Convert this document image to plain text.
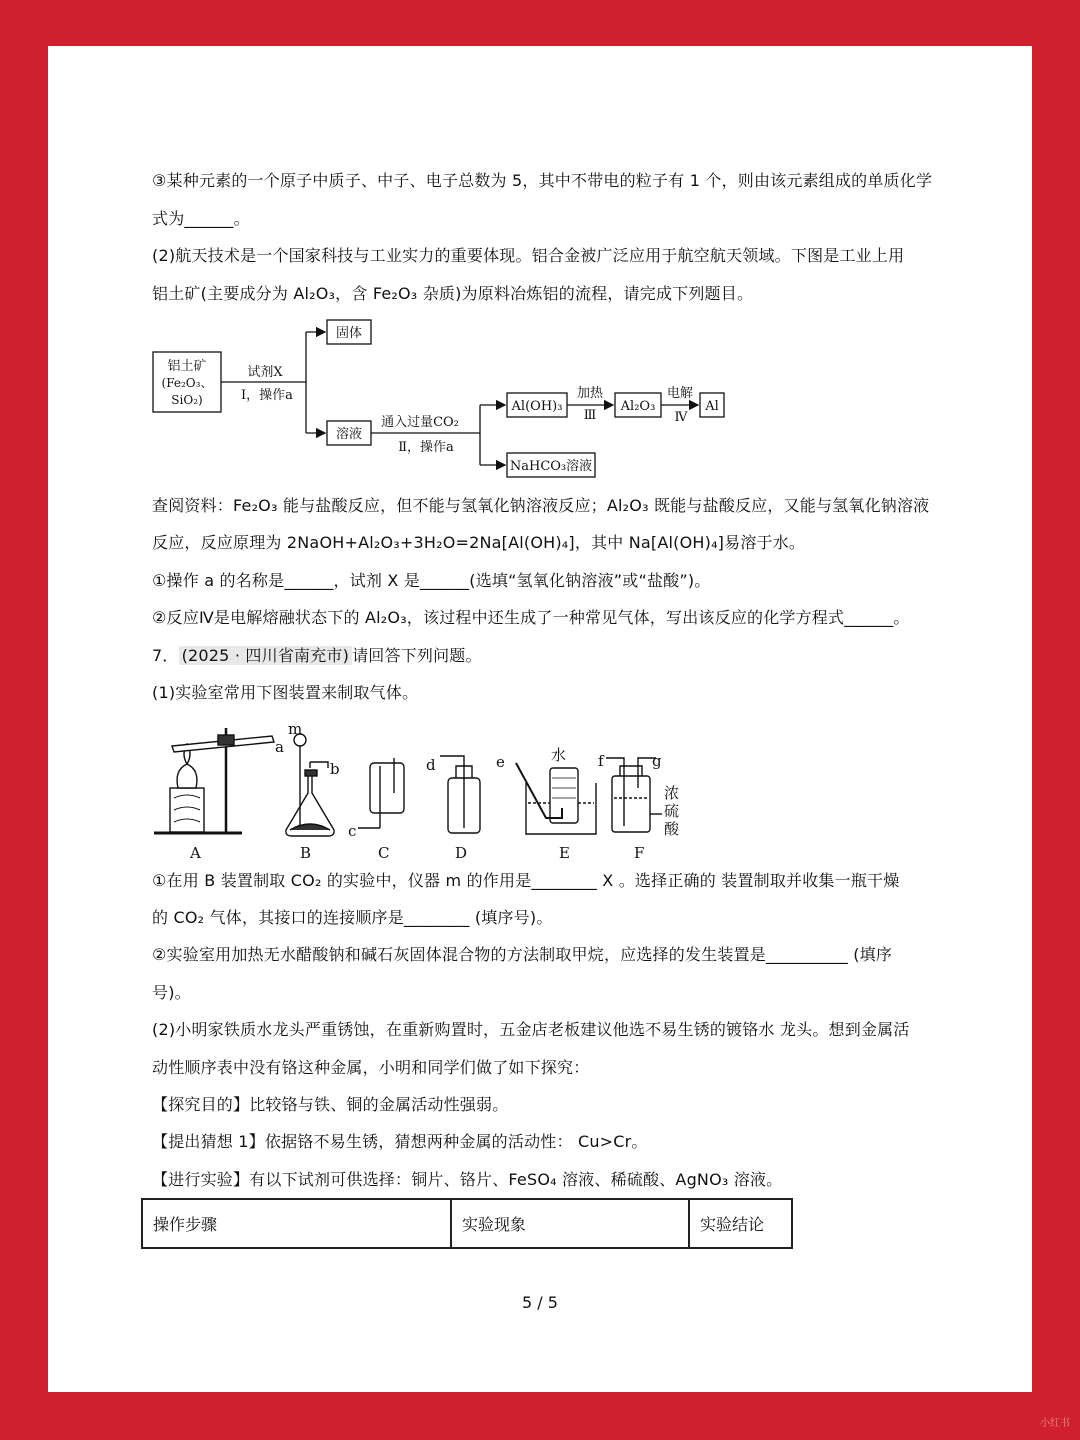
③某种元素的一个原子中质子、中子、电子总数为 5，其中不带电的粒子有 1 个，则由该元素组成的单质化学
式为______。
(2)航天技术是一个国家科技与工业实力的重要体现。铝合金被广泛应用于航空航天领域。下图是工业上用
铝土矿(主要成分为 Al₂O₃，含 Fe₂O₃ 杂质)为原料冶炼铝的流程，请完成下列题目。
铝土矿
(Fe₂O₃、
SiO₂)
试剂X
Ⅰ，操作a
固体
溶液
通入过量CO₂
Ⅱ，操作a
Al(OH)₃
加热
Ⅲ
Al₂O₃
电解
Ⅳ
Al
NaHCO₃溶液
查阅资料：Fe₂O₃ 能与盐酸反应，但不能与氢氧化钠溶液反应；Al₂O₃ 既能与盐酸反应，又能与氢氧化钠溶液
反应，反应原理为 2NaOH+Al₂O₃+3H₂O=2Na[Al(OH)₄]，其中 Na[Al(OH)₄]易溶于水。
①操作 a 的名称是______，试剂 X 是______(选填“氢氧化钠溶液”或“盐酸”)。
②反应Ⅳ是电解熔融状态下的 Al₂O₃，该过程中还生成了一种常见气体，写出该反应的化学方程式______。
7． (2025 · 四川省南充市) 请回答下列问题。
(1)实验室常用下图装置来制取气体。
a
m
b
c
d	e	水 f	g
浓
硫
酸
A	B	C	D	E	F
①在用 B 装置制取 CO₂ 的实验中，仪器 m 的作用是________ X 。选择正确的 装置制取并收集一瓶干燥
的 CO₂ 气体，其接口的连接顺序是________ (填序号)。
②实验室用加热无水醋酸钠和碱石灰固体混合物的方法制取甲烷，应选择的发生装置是__________ (填序
号)。
(2)小明家铁质水龙头严重锈蚀，在重新购置时，五金店老板建议他选不易生锈的镀铬水 龙头。想到金属活
动性顺序表中没有铬这种金属，小明和同学们做了如下探究：
【探究目的】比较铬与铁、铜的金属活动性强弱。
【提出猜想 1】依据铬不易生锈，猜想两种金属的活动性： Cu>Cr。
【进行实验】有以下试剂可供选择：铜片、铬片、FeSO₄ 溶液、稀硫酸、AgNO₃ 溶液。
操作步骤	实验现象	实验结论
5 / 5
小红书
